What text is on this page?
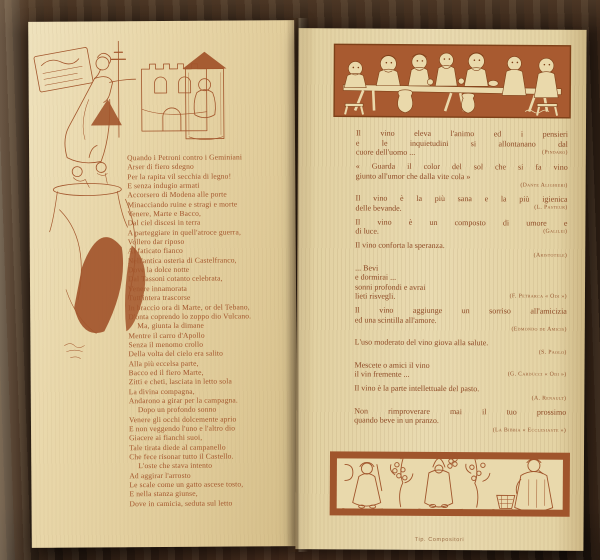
Quando i Petroni contro i Geminiani
Arser di fiero sdegno
Per la rapita vil secchia di legno!
E senza indugio armati
Accorsero di Modena alle porte
Minacciando ruine e stragi e morte
Venere, Marte e Bacco,
Dal ciel discesi in terra
A parteggiare in quell'atroce guerra,
Vollero dar riposo
Al faticato fianco
Nell'antica osteria di Castelfranco,
Dove la dolce notte
Dal Tassoni cotanto celebrata,
Venere innamorata
Tutt'intera trascorse
In braccio ora di Marte, or del Tebano,
D'onta coprendo lo zoppo dio Vulcano.
Ma, giunta la dimane
Mentre il carro d'Apollo
Senza il menomo crollo
Della volta del cielo era salito
Alla più eccelsa parte,
Bacco ed il fiero Marte,
Zitti e cheti, lasciata in letto sola
La divina compagna,
Andarono a girar per la campagna.
Dopo un profondo sonno
Venere gli occhi dolcemente aprio
E non veggendo l'uno e l'altro dio
Giacere ai fianchi suoi,
Tale tirata diede al campanello
Che fece risonar tutto il Castello.
L'oste che stava intento
Ad aggirar l'arrosto
Le scale come un gatto ascese tosto,
E nella stanza giunse,
Dove in camicia, seduta sul letto
Il vino eleva l'animo ed i pensieri
e le inquietudini si allontanano dal
cuore dell'uomo ...	(Pindaro)
« Guarda il color del sol che si fa vino
giunto all'umor che dalla vite cola »
(Dante Alighieri)
Il vino è la più sana e la più igienica
delle bevande.	(L. Pasteur)
Il vino è un composto di umore e
di luce.	(Galilei)
Il vino conforta la speranza.
(Aristotele)
... Bevi
e dormirai ...
sonni profondi e avrai
lieti risvegli.	(F. Petrarca « Odi »)
Il vino aggiunge un sorriso all'amicizia
ed una scintilla all'amore.
(Edmondo de Amicis)
L'uso moderato del vino giova alla salute.
(S. Paolo)
Mescete o amici il vino
il vin fremente ...	(G. Carducci « Odi »)
Il vino è la parte intellettuale del pasto.
(A. Renault)
Non rimproverare mai il tuo prossimo
quando beve in un pranzo.
(La Bibbia « Ecclesiaste »)
Tip. Compositori
